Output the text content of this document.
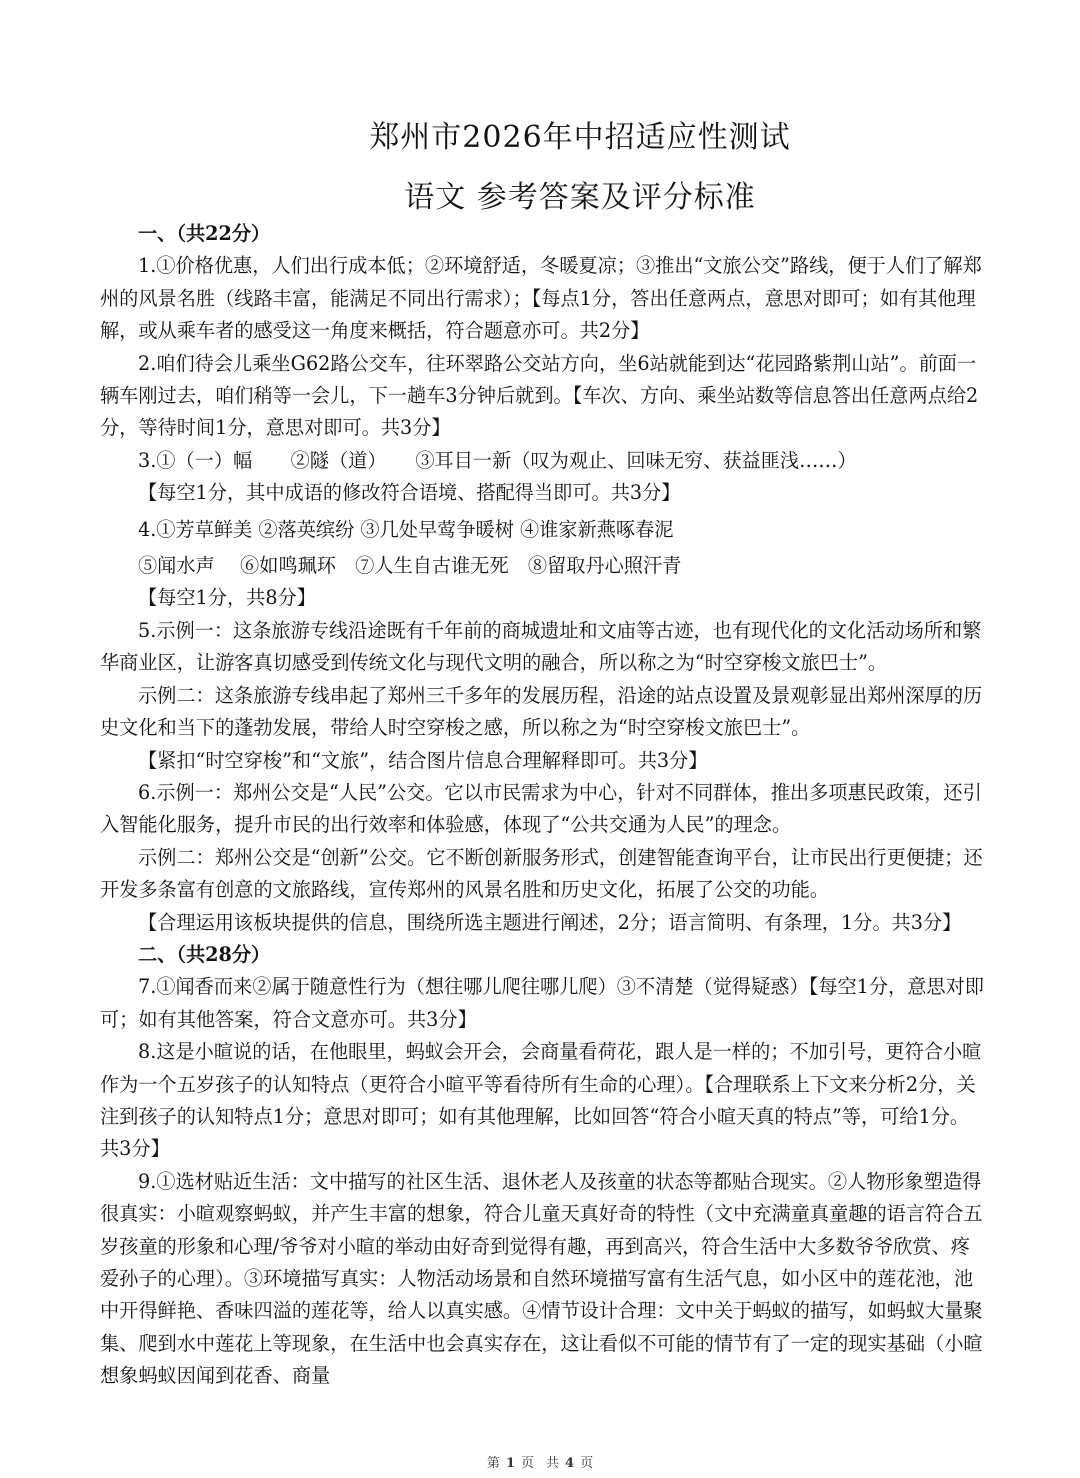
郑州市2026年中招适应性测试
语文 参考答案及评分标准

一、（共22分）

1.①价格优惠，人们出行成本低；②环境舒适，冬暖夏凉；③推出“文旅公交”路线，便于人们了解郑州的风景名胜（线路丰富，能满足不同出行需求）；【每点1分，答出任意两点，意思对即可；如有其他理解，或从乘车者的感受这一角度来概括，符合题意亦可。共2分】

2.咱们待会儿乘坐G62路公交车，往环翠路公交站方向，坐6站就能到达“花园路紫荆山站”。前面一辆车刚过去，咱们稍等一会儿，下一趟车3分钟后就到。【车次、方向、乘坐站数等信息答出任意两点给2分，等待时间1分，意思对即可。共3分】

3.①（一）幅　　②隧（道）　　③耳目一新（叹为观止、回味无穷、获益匪浅……）

【每空1分，其中成语的修改符合语境、搭配得当即可。共3分】

4.①芳草鲜美 ②落英缤纷 ③几处早莺争暖树 ④谁家新燕啄春泥

⑤闻水声　 ⑥如鸣珮环　⑦人生自古谁无死　⑧留取丹心照汗青

【每空1分，共8分】

5.示例一：这条旅游专线沿途既有千年前的商城遗址和文庙等古迹，也有现代化的文化活动场所和繁华商业区，让游客真切感受到传统文化与现代文明的融合，所以称之为“时空穿梭文旅巴士”。

示例二：这条旅游专线串起了郑州三千多年的发展历程，沿途的站点设置及景观彰显出郑州深厚的历史文化和当下的蓬勃发展，带给人时空穿梭之感，所以称之为“时空穿梭文旅巴士”。

【紧扣“时空穿梭”和“文旅”，结合图片信息合理解释即可。共3分】

6.示例一：郑州公交是“人民”公交。它以市民需求为中心，针对不同群体，推出多项惠民政策，还引入智能化服务，提升市民的出行效率和体验感，体现了“公共交通为人民”的理念。

示例二：郑州公交是“创新”公交。它不断创新服务形式，创建智能查询平台，让市民出行更便捷；还开发多条富有创意的文旅路线，宣传郑州的风景名胜和历史文化，拓展了公交的功能。

【合理运用该板块提供的信息，围绕所选主题进行阐述，2分；语言简明、有条理，1分。共3分】

二、（共28分）

7.①闻香而来②属于随意性行为（想往哪儿爬往哪儿爬）③不清楚（觉得疑惑）【每空1分，意思对即可；如有其他答案，符合文意亦可。共3分】

8.这是小暄说的话，在他眼里，蚂蚁会开会，会商量看荷花，跟人是一样的；不加引号，更符合小暄作为一个五岁孩子的认知特点（更符合小暄平等看待所有生命的心理）。【合理联系上下文来分析2分，关注到孩子的认知特点1分；意思对即可；如有其他理解，比如回答“符合小暄天真的特点”等，可给1分。共3分】

9.①选材贴近生活：文中描写的社区生活、退休老人及孩童的状态等都贴合现实。②人物形象塑造得很真实：小暄观察蚂蚁，并产生丰富的想象，符合儿童天真好奇的特性（文中充满童真童趣的语言符合五岁孩童的形象和心理/爷爷对小暄的举动由好奇到觉得有趣，再到高兴，符合生活中大多数爷爷欣赏、疼爱孙子的心理）。③环境描写真实：人物活动场景和自然环境描写富有生活气息，如小区中的莲花池，池中开得鲜艳、香味四溢的莲花等，给人以真实感。④情节设计合理：文中关于蚂蚁的描写，如蚂蚁大量聚集、爬到水中莲花上等现象，在生活中也会真实存在，这让看似不可能的情节有了一定的现实基础（小暄想象蚂蚁因闻到花香、商量

第 1 页 共 4 页
